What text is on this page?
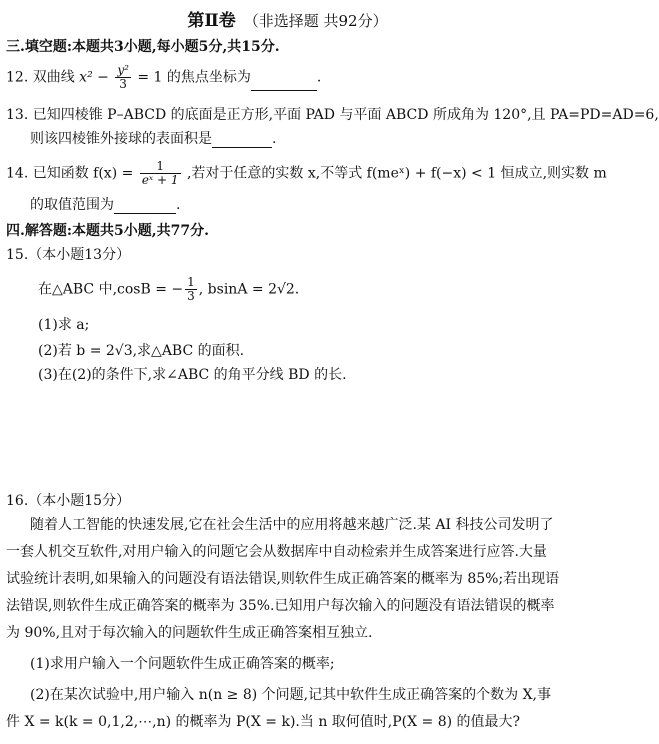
第Ⅱ卷 （非选择题 共92分）
三.填空题:本题共3小题,每小题5分,共15分.
12. 双曲线 $x^2 - \frac{\text{y²}}{3} = 1$ 的焦点坐标为	.
13. 已知四棱锥 P–ABCD 的底面是正方形,平面 PAD 与平面 ABCD 所成角为 120°,且 PA=PD=AD=6,
则该四棱锥外接球的表面积是	.
14. 已知函数 $f(x) = \frac{1}{\text{eˣ + 1}}$ ,若对于任意的实数 x,不等式 f(meˣ) + f(−x) < 1 恒成立,则实数 m
的取值范围为	.
四.解答题:本题共5小题,共77分.
15.（本小题13分）
在△ABC 中,cosB = − $\frac{1}{3}$ , bsinA = 2√2.
(1)求 a;
(2)若 b = 2√3,求△ABC 的面积.
(3)在(2)的条件下,求∠ABC 的角平分线 BD 的长.
16.（本小题15分）
随着人工智能的快速发展,它在社会生活中的应用将越来越广泛.某 AI 科技公司发明了
一套人机交互软件,对用户输入的问题它会从数据库中自动检索并生成答案进行应答.大量
试验统计表明,如果输入的问题没有语法错误,则软件生成正确答案的概率为 85%;若出现语
法错误,则软件生成正确答案的概率为 35%.已知用户每次输入的问题没有语法错误的概率
为 90%,且对于每次输入的问题软件生成正确答案相互独立.
(1)求用户输入一个问题软件生成正确答案的概率;
(2)在某次试验中,用户输入 n(n ≥ 8) 个问题,记其中软件生成正确答案的个数为 X,事
件 X = k(k = 0,1,2,⋯,n) 的概率为 P(X = k).当 n 取何值时,P(X = 8) 的值最大?
